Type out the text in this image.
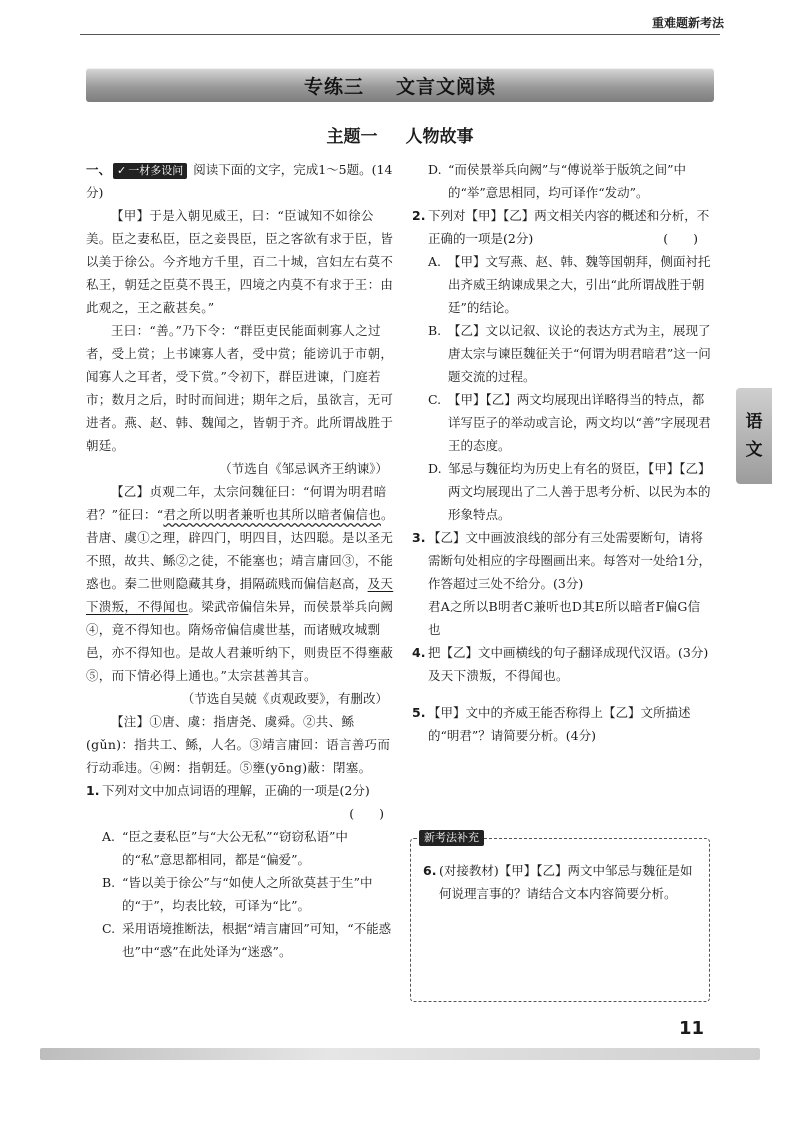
重难题新考法
专练三 文言文阅读
主题一 人物故事

一、 ✓ 一材多设问 阅读下面的文字，完成1～5题。(14分)

【甲】于是入朝见威王，曰：“臣诚知不如徐公美。臣之妻私臣，臣之妾畏臣，臣之客欲有求于臣，皆以美于徐公。今齐地方千里，百二十城，宫妇左右莫不私王，朝廷之臣莫不畏王，四境之内莫不有求于王：由此观之，王之蔽甚矣。”

王曰：“善。”乃下令：“群臣吏民能面刺寡人之过者，受上赏；上书谏寡人者，受中赏；能谤讥于市朝，闻寡人之耳者，受下赏。”令初下，群臣进谏，门庭若市；数月之后，时时而间进；期年之后，虽欲言，无可进者。燕、赵、韩、魏闻之，皆朝于齐。此所谓战胜于朝廷。

（节选自《邹忌讽齐王纳谏》）

【乙】贞观二年，太宗问魏征曰：“何谓为明君暗君？”征曰：“君之所以明者兼听也其所以暗者偏信也。昔唐、虞①之理，辟四门，明四目，达四聪。是以圣无不照，故共、鲧②之徒，不能塞也；靖言庸回③，不能惑也。秦二世则隐藏其身，捐隔疏贱而偏信赵高，及天下溃叛，不得闻也。梁武帝偏信朱异，而侯景举兵向阙④，竟不得知也。隋炀帝偏信虞世基，而诸贼攻城剽邑，亦不得知也。是故人君兼听纳下，则贵臣不得壅蔽⑤，而下情必得上通也。”太宗甚善其言。

（节选自吴兢《贞观政要》，有删改）

【注】①唐、虞：指唐尧、虞舜。②共、鲧(gǔn)：指共工、鲧，人名。③靖言庸回：语言善巧而行动乖违。④阙：指朝廷。⑤壅(yōng)蔽：閉塞。

1. 下列对文中加点词语的理解，正确的一项是(2分)
(　　)
A. “臣之妻私臣”与“大公无私”“窃窃私语”中的“私”意思都相同，都是“偏爱”。
B. “皆以美于徐公”与“如使人之所欲莫甚于生”中的“于”，均表比较，可译为“比”。
C. 采用语境推断法，根据“靖言庸回”可知，“不能惑也”中“惑”在此处译为“迷惑”。
D. “而侯景举兵向阙”与“傅说举于版筑之间”中的“举”意思相同，均可译作“发动”。
2. 下列对【甲】【乙】两文相关内容的概述和分析，不正确的一项是(2分)	(　　)
A. 【甲】文写燕、赵、韩、魏等国朝拜，侧面衬托出齐威王纳谏成果之大，引出“此所谓战胜于朝廷”的结论。
B. 【乙】文以记叙、议论的表达方式为主，展现了唐太宗与谏臣魏征关于“何谓为明君暗君”这一问题交流的过程。
C. 【甲】【乙】两文均展现出详略得当的特点，都详写臣子的举动或言论，两文均以“善”字展现君王的态度。
D. 邹忌与魏征均为历史上有名的贤臣，【甲】【乙】两文均展现出了二人善于思考分析、以民为本的形象特点。
3. 【乙】文中画波浪线的部分有三处需要断句，请将需断句处相应的字母圈画出来。每答对一处给1分，作答超过三处不给分。(3分)

君A之所以B明者C兼听也D其E所以暗者F偏G信也

4. 把【乙】文中画横线的句子翻译成现代汉语。(3分)

及天下溃叛，不得闻也。

5. 【甲】文中的齐威王能否称得上【乙】文所描述的“明君”？请简要分析。(4分)
语
文
新考法补充
6. (对接教材)【甲】【乙】两文中邹忌与魏征是如何说理言事的？请结合文本内容简要分析。
11
